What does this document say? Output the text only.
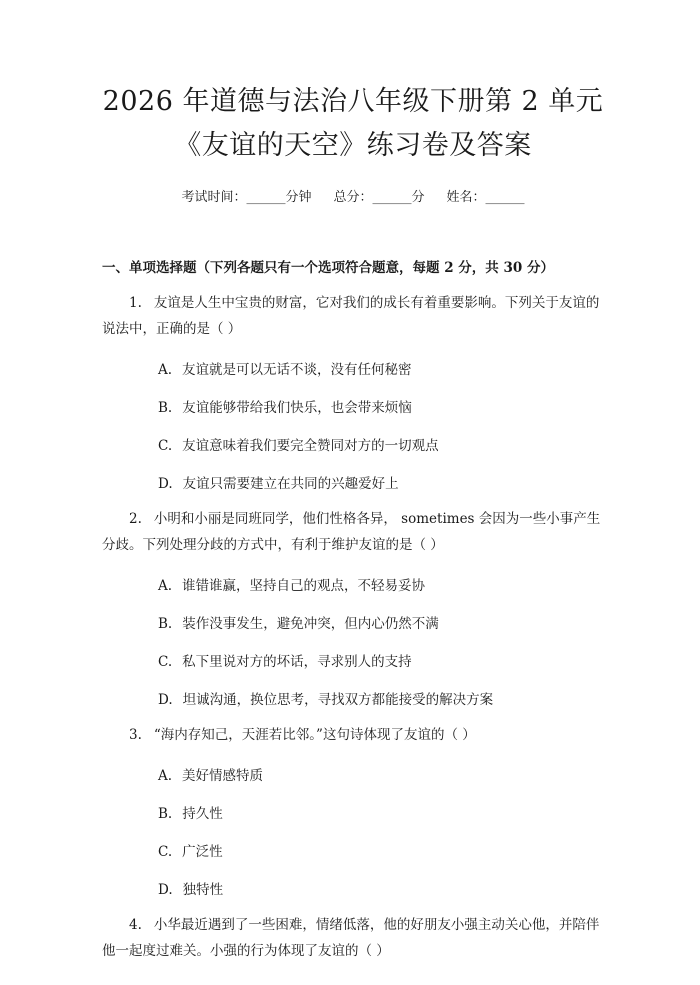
2026 年道德与法治八年级下册第 2 单元《友谊的天空》练习卷及答案
考试时间：______分钟 总分：______分 姓名：______
一、单项选择题（下列各题只有一个选项符合题意，每题 2 分，共 30 分）
1. 友谊是人生中宝贵的财富，它对我们的成长有着重要影响。下列关于友谊的说法中，正确的是（ ）
A. 友谊就是可以无话不谈，没有任何秘密
B. 友谊能够带给我们快乐，也会带来烦恼
C. 友谊意味着我们要完全赞同对方的一切观点
D. 友谊只需要建立在共同的兴趣爱好上
2. 小明和小丽是同班同学，他们性格各异， sometimes 会因为一些小事产生分歧。下列处理分歧的方式中，有利于维护友谊的是（ ）
A. 谁错谁赢，坚持自己的观点，不轻易妥协
B. 装作没事发生，避免冲突，但内心仍然不满
C. 私下里说对方的坏话，寻求别人的支持
D. 坦诚沟通，换位思考，寻找双方都能接受的解决方案
3. “海内存知己，天涯若比邻。”这句诗体现了友谊的（ ）
A. 美好情感特质
B. 持久性
C. 广泛性
D. 独特性
4. 小华最近遇到了一些困难，情绪低落，他的好朋友小强主动关心他，并陪伴他一起度过难关。小强的行为体现了友谊的（ ）
